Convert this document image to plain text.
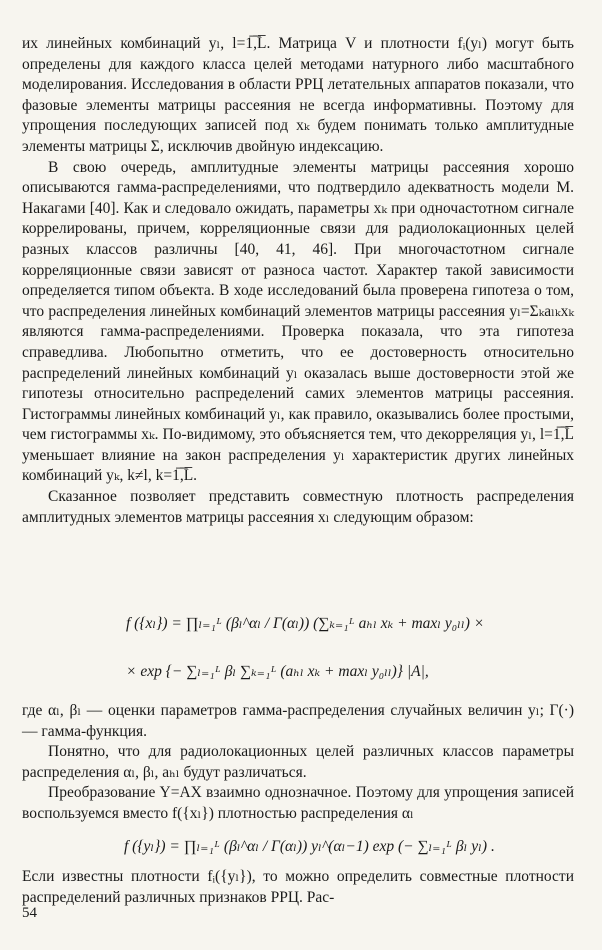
их линейных комбинаций yₗ, l=1̅,̅L̅. Матрица V и плотности fᵢ(yₗ) могут быть определены для каждого класса целей методами натурного либо масштабного моделирования. Исследования в области РРЦ летательных аппаратов показали, что фазовые элементы матрицы рассеяния не всегда информативны. Поэтому для упрощения последующих записей под xₖ будем понимать только амплитудные элементы матрицы Σ, исключив двойную индексацию.

В свою очередь, амплитудные элементы матрицы рассеяния хорошо описываются гамма-распределениями, что подтвердило адекватность модели М. Накагами [40]. Как и следовало ожидать, параметры xₖ при одночастотном сигнале коррелированы, причем, корреляционные связи для радиолокационных целей разных классов различны [40, 41, 46]. При многочастотном сигнале корреляционные связи зависят от разноса частот. Характер такой зависимости определяется типом объекта. В ходе исследований была проверена гипотеза о том, что распределения линейных комбинаций элементов матрицы рассеяния yₗ=Σₖaₗₖxₖ являются гамма-распределениями. Проверка показала, что эта гипотеза справедлива. Любопытно отметить, что ее достоверность относительно распределений линейных комбинаций yₗ оказалась выше достоверности этой же гипотезы относительно распределений самих элементов матрицы рассеяния. Гистограммы линейных комбинаций yₗ, как правило, оказывались более простыми, чем гистограммы xₖ. По-видимому, это объясняется тем, что декорреляция yₗ, l=1̅,̅L̅ уменьшает влияние на закон распределения yₗ характеристик других линейных комбинаций yₖ, k≠l, k=1̅,̅L̅.

Сказанное позволяет представить совместную плотность распределения амплитудных элементов матрицы рассеяния xₗ следующим образом:

f ({xₗ}) = ∏ₗ₌₁ᴸ (βₗ^αₗ / Γ(αₗ)) (∑ₖ₌₁ᴸ aₕₗ xₖ + maxₗ y₀ₗₗ) ×
× exp {− ∑ₗ₌₁ᴸ βₗ ∑ₖ₌₁ᴸ (aₕₗ xₖ + maxₗ y₀ₗₗ)} |A|,

где αₗ, βₗ — оценки параметров гамма-распределения случайных величин yₗ; Γ(·) — гамма-функция.

Понятно, что для радиолокационных целей различных классов параметры распределения αₗ, βₗ, aₕₗ будут различаться.

Преобразование Y=AX взаимно однозначное. Поэтому для упрощения записей воспользуемся вместо f({xₗ}) плотностью распределения αₗ

f ({yₗ}) = ∏ₗ₌₁ᴸ (βₗ^αₗ / Γ(αₗ)) yₗ^(αₗ−1) exp (− ∑ₗ₌₁ᴸ βₗ yₗ) .

Если известны плотности fᵢ({yₗ}), то можно определить совместные плотности распределений различных признаков РРЦ. Рас-

54
